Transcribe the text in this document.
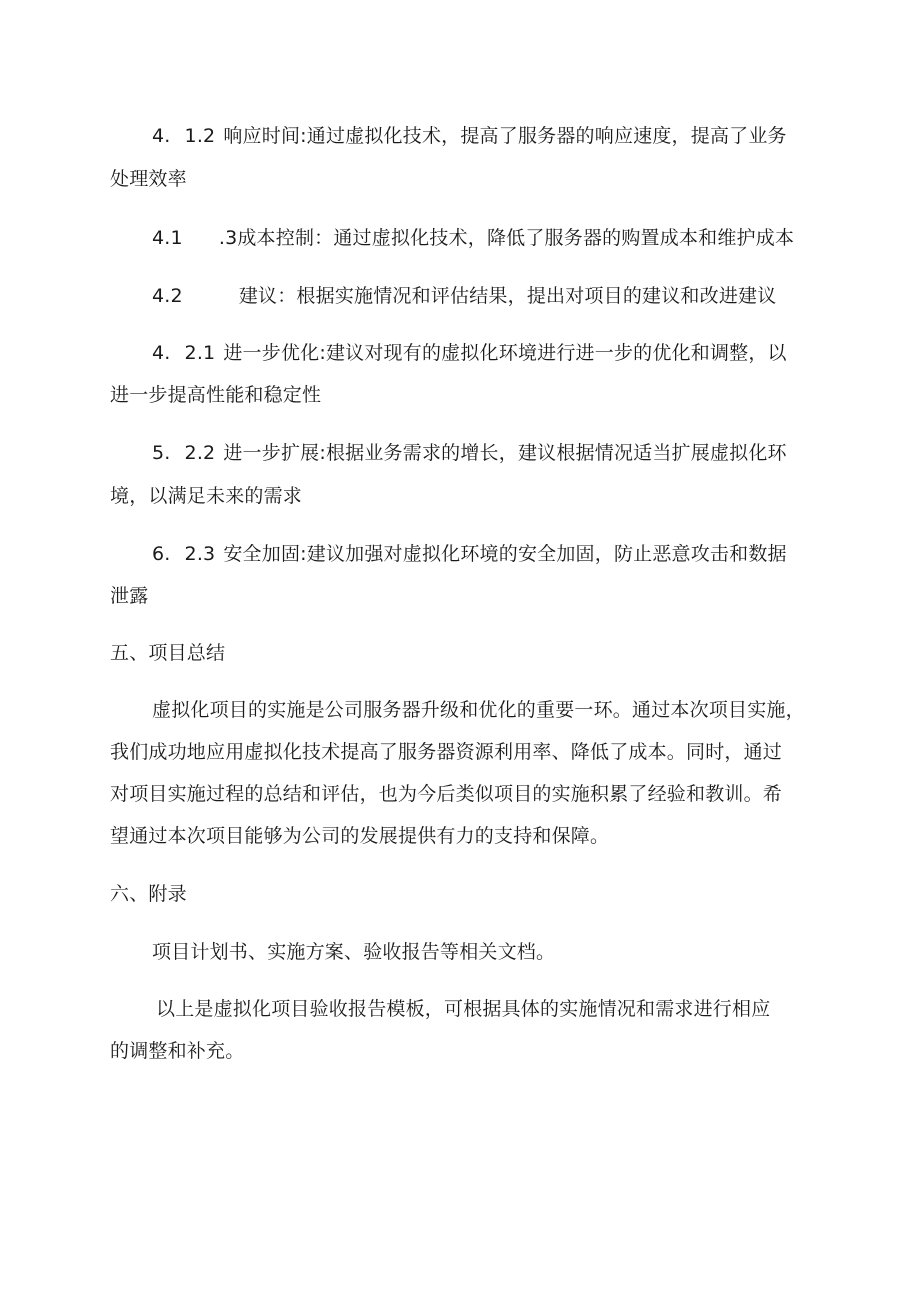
4. 1.2 响应时间:通过虚拟化技术，提高了服务器的响应速度，提高了业务
处理效率
4.1 .3成本控制：通过虚拟化技术，降低了服务器的购置成本和维护成本
4.2	建议：根据实施情况和评估结果，提出对项目的建议和改进建议
4. 2.1 进一步优化:建议对现有的虚拟化环境进行进一步的优化和调整，以
进一步提高性能和稳定性
5. 2.2 进一步扩展:根据业务需求的增长，建议根据情况适当扩展虚拟化环
境，以满足未来的需求
6. 2.3 安全加固:建议加强对虚拟化环境的安全加固，防止恶意攻击和数据
泄露
五、项目总结
虚拟化项目的实施是公司服务器升级和优化的重要一环。通过本次项目实施，
我们成功地应用虚拟化技术提高了服务器资源利用率、降低了成本。同时，通过
对项目实施过程的总结和评估，也为今后类似项目的实施积累了经验和教训。希
望通过本次项目能够为公司的发展提供有力的支持和保障。
六、附录
项目计划书、实施方案、验收报告等相关文档。
以上是虚拟化项目验收报告模板，可根据具体的实施情况和需求进行相应
的调整和补充。
